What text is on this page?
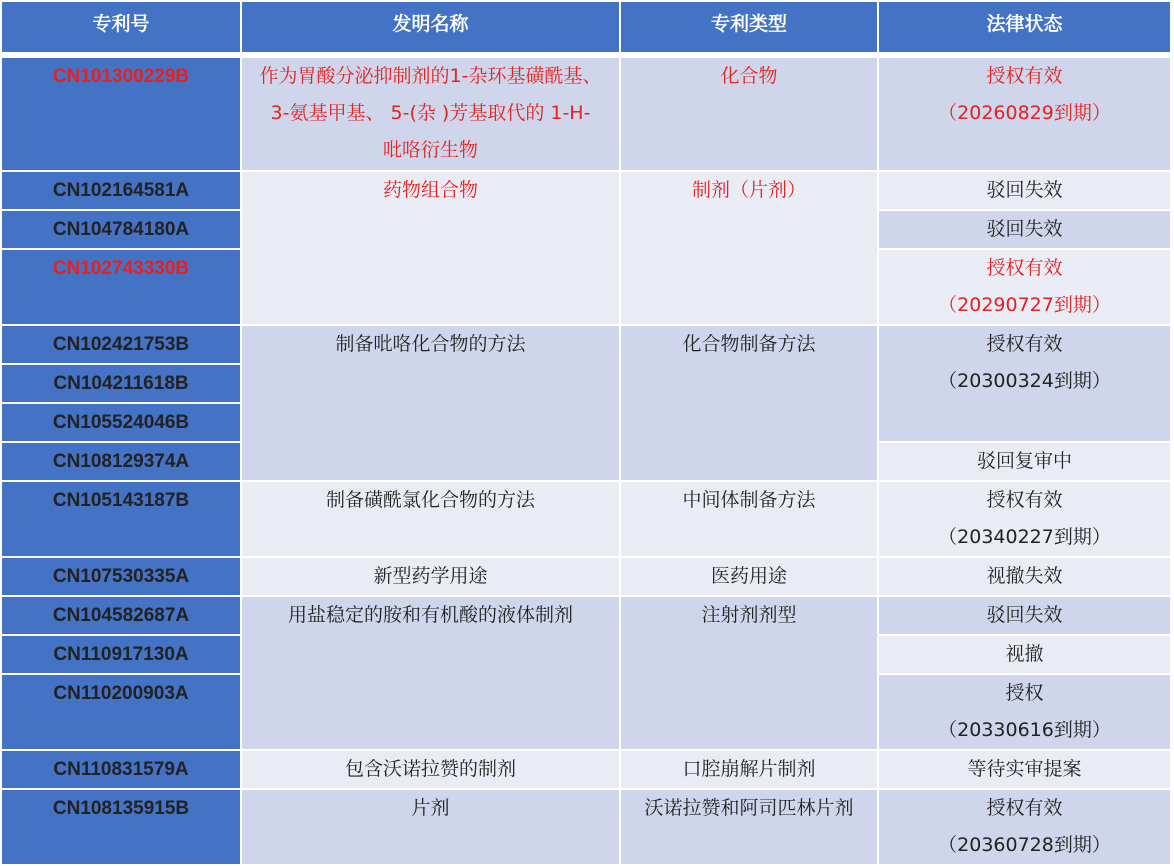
专利号	发明名称	专利类型	法律状态
CN101300229B	作为胃酸分泌抑制剂的1-杂环基磺酰基、
3-氨基甲基、 5-(杂 )芳基取代的 1-H-
吡咯衍生物	化合物	授权有效
（20260829到期）

CN102164581A	药物组合物	制剂（片剂）	驳回失效
CN104784180A			驳回失效
CN102743330B			授权有效
（20290727到期）

CN102421753B	制备吡咯化合物的方法	化合物制备方法	授权有效
（20300324到期）

CN104211618B			
CN105524046B			
CN108129374A			驳回复审中
CN105143187B	制备磺酰氯化合物的方法	中间体制备方法	授权有效
（20340227到期）

CN107530335A	新型药学用途	医药用途	视撤失效
CN104582687A	用盐稳定的胺和有机酸的液体制剂	注射剂剂型	驳回失效
CN110917130A			视撤
CN110200903A			授权
（20330616到期）

CN110831579A	包含沃诺拉赞的制剂	口腔崩解片制剂	等待实审提案
CN108135915B	片剂	沃诺拉赞和阿司匹林片剂	授权有效
（20360728到期）
